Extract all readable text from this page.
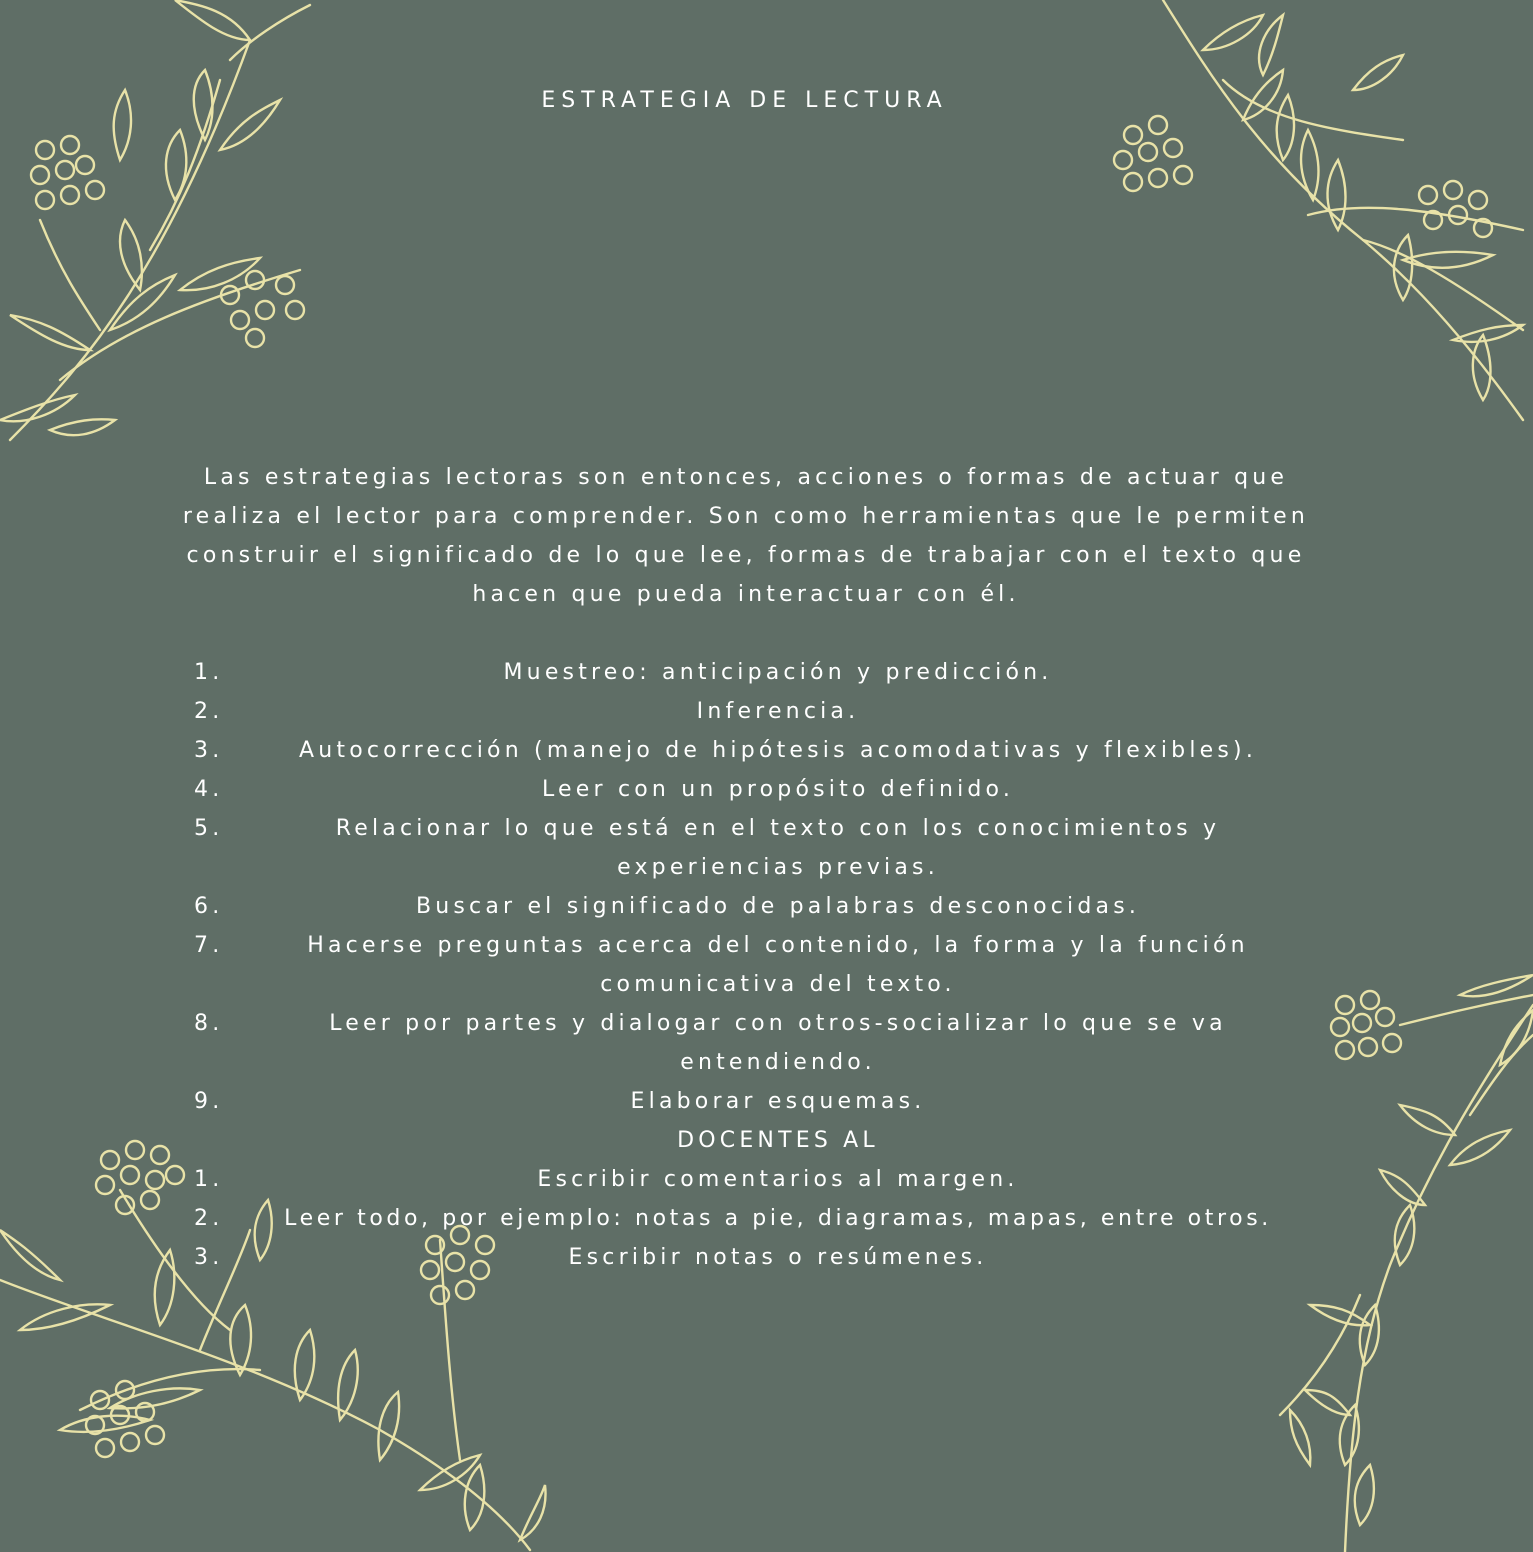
ESTRATEGIA DE LECTURA

Las estrategias lectoras son entonces, acciones o formas de actuar que realiza el lector para comprender. Son como herramientas que le permiten construir el significado de lo que lee, formas de trabajar con el texto que hacen que pueda interactuar con él.

1.	Muestreo: anticipación y predicción.
2.	Inferencia.
3.	Autocorrección (manejo de hipótesis acomodativas y flexibles).
4.	Leer con un propósito definido.
5.	Relacionar lo que está en el texto con los conocimientos y experiencias previas.
6.	Buscar el significado de palabras desconocidas.
7.	Hacerse preguntas acerca del contenido, la forma y la función comunicativa del texto.
8.	Leer por partes y dialogar con otros-socializar lo que se va entendiendo.
9.	Elaborar esquemas.

DOCENTES AL

1.	Escribir comentarios al margen.
2.	Leer todo, por ejemplo: notas a pie, diagramas, mapas, entre otros.
3.	Escribir notas o resúmenes.
